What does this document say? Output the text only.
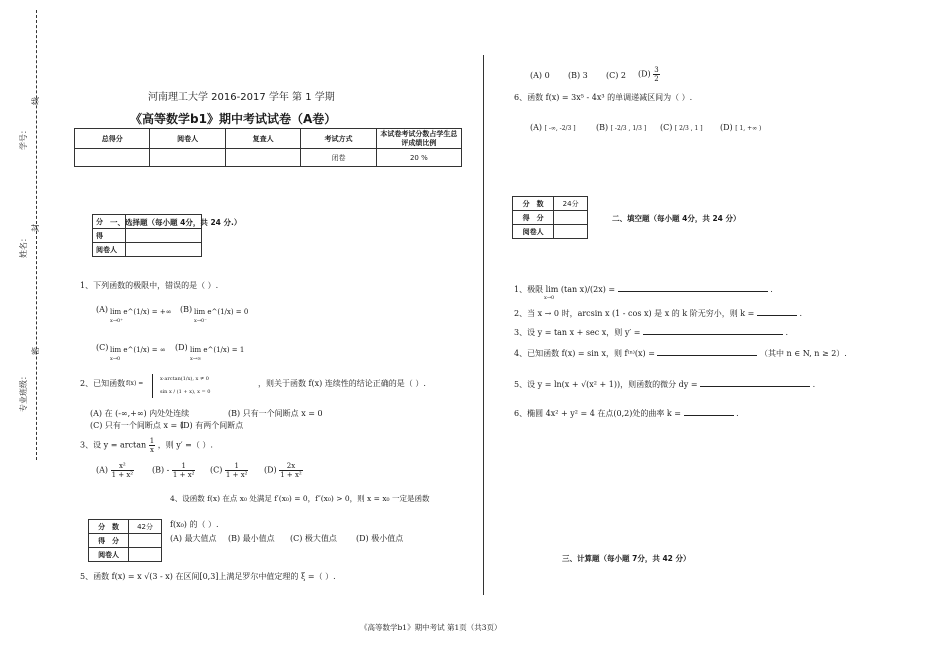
学号：
线
姓名：
封
专业班级：
密
河南理工大学 2016-2017 学年 第 1 学期
《高等数学b1》期中考试试卷（A卷）
总得分	阅卷人	复查人	考试方式	本试卷考试分数占学生总评成绩比例
			闭卷	20 %
分	
得	
阅卷人	
一、选择题（每小题 4分，共 24 分.）
1、下列函数的极限中，错误的是（ ）.
(A) lim e^(1/x) = +∞
x→0⁺
(B) lim e^(1/x) = 0
x→0⁻
(C) lim e^(1/x) = ∞
x→0
(D) lim e^(1/x) = 1
x→∞
2、已知函数 f(x) =
x·arctan(1/x), x ≠ 0
sin x / (1 + x), x = 0
，则关于函数 f(x) 连续性的结论正确的是（ ）.
(A) 在 (-∞,+∞) 内处处连续	(B) 只有一个间断点 x = 0
(C) 只有一个间断点 x = 1
(D) 有两个间断点
3、设 $y = \arctan \frac{1}{x}$ ，则 y′ =（ ）.
$(A) \frac{\text{x²}}{\text{1 + x²}} (B) - \frac{1}{\text{1 + x²}} (C) \frac{1}{\text{1 + x²}} (D) \frac{2x}{\text{1 + x²}}$
4、设函数 f(x) 在点 x₀ 处满足 f′(x₀) = 0，f″(x₀) > 0，则 x = x₀ 一定是函数
f(x₀) 的（ ）.
(A) 最大值点 (B) 最小值点 (C) 极大值点 (D) 极小值点
分　数	42分
得　分	
阅卷人	
5、函数 f(x) = x √(3 - x) 在区间[0,3]上满足罗尔中值定理的 ξ =（ ）.
(A) 0 (B) 3 (C) 2 $(D) \frac{3}{2}$
6、函数 f(x) = 3x⁵ - 4x³ 的单调递减区间为（ ）.
(A) [ -∞, -2/3 ]	(B) [ -2/3 , 1/3 ] (C) [ 2/3 , 1 ] (D) [ 1, +∞ )
分　数	24分
得　分	
阅卷人	
二、填空题（每小题 4分，共 24 分）
1、极限 lim (tan x)/(2x) =	.
x→0
2、当 x → 0 时，arcsin x (1 - cos x) 是 x 的 k 阶无穷小，则 k =	.
3、设 y = tan x + sec x，则 y′ =	.
4、已知函数 f(x) = sin x，则 f⁽ⁿ⁾(x) =	（其中 n ∈ N, n ≥ 2）.
5、设 y = ln(x + √(x² + 1))，则函数的微分 dy =	.
6、椭圆 4x² + y² = 4 在点(0,2)处的曲率 k =	.
三、计算题（每小题 7分，共 42 分）
《高等数学b1》期中考试 第1页（共3页）
